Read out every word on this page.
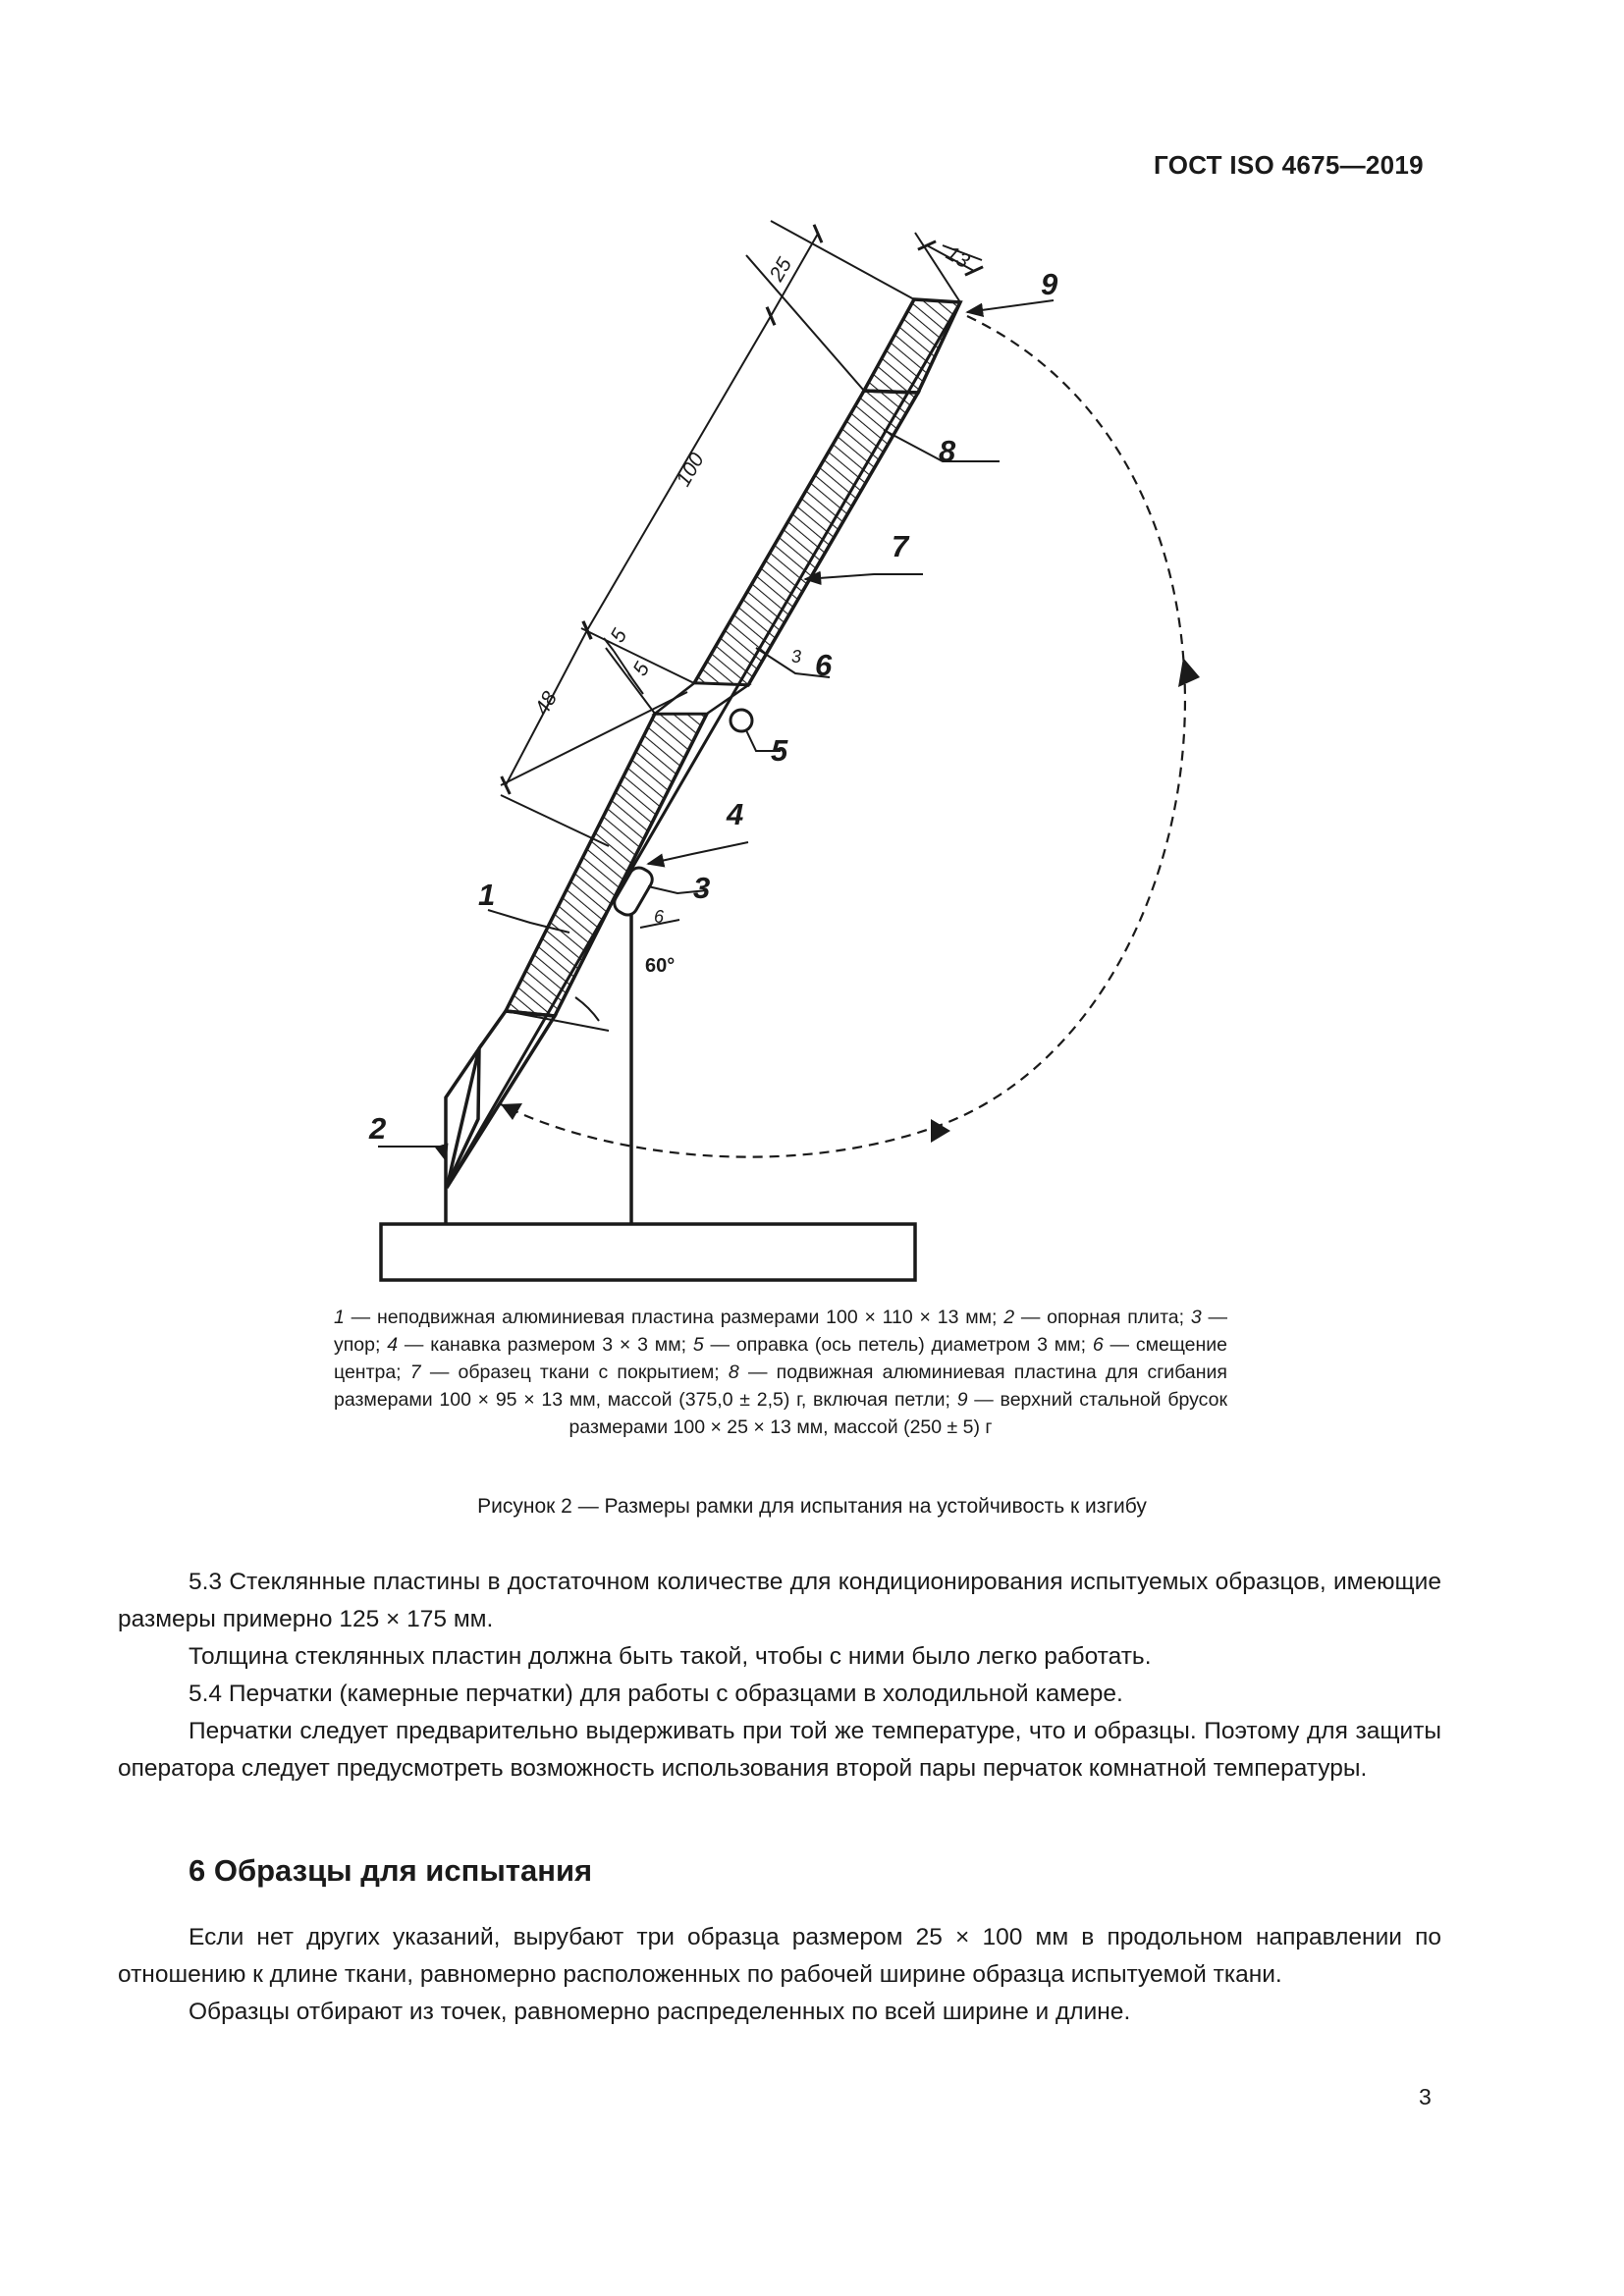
ГОСТ ISO 4675—2019
25	13
100
48
5
5
3
6
60°
1
2
3
4
5
6
7
8
9
1 — неподвижная алюминиевая пластина размерами 100 × 110 × 13 мм; 2 — опорная плита; 3 — упор; 4 — канавка размером 3 × 3 мм; 5 — оправка (ось петель) диаметром 3 мм; 6 — смещение центра; 7 — образец ткани с покрытием; 8 — подвижная алюминиевая пластина для сгибания размерами 100 × 95 × 13 мм, массой (375,0 ± 2,5) г, включая петли; 9 — верхний стальной брусок размерами 100 × 25 × 13 мм, массой (250 ± 5) г
Рисунок 2 — Размеры рамки для испытания на устойчивость к изгибу

5.3 Стеклянные пластины в достаточном количестве для кондиционирования испытуемых образцов, имеющие размеры примерно 125 × 175 мм.

Толщина стеклянных пластин должна быть такой, чтобы с ними было легко работать.

5.4 Перчатки (камерные перчатки) для работы с образцами в холодильной камере.

Перчатки следует предварительно выдерживать при той же температуре, что и образцы. Поэтому для защиты оператора следует предусмотреть возможность использования второй пары перчаток комнатной температуры.

6 Образцы для испытания

Если нет других указаний, вырубают три образца размером 25 × 100 мм в продольном направлении по отношению к длине ткани, равномерно расположенных по рабочей ширине образца испытуемой ткани.

Образцы отбирают из точек, равномерно распределенных по всей ширине и длине.

3
